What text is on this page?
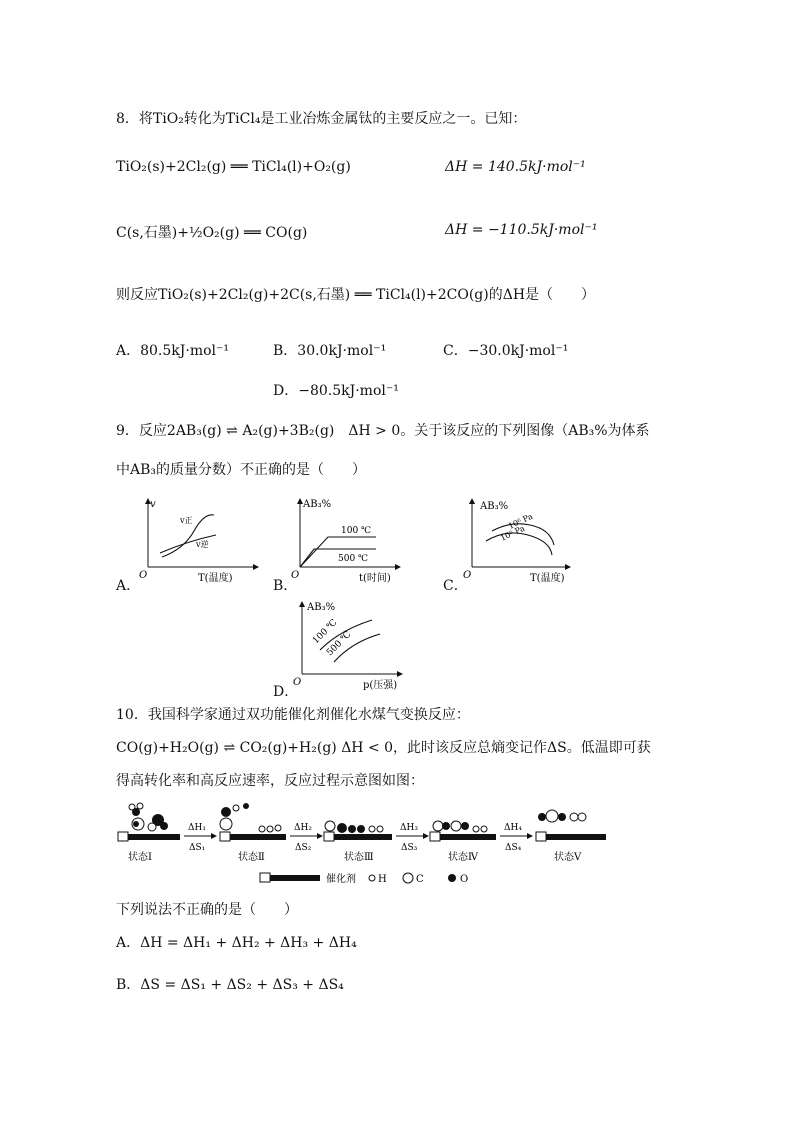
8．将TiO₂转化为TiCl₄是工业冶炼金属钛的主要反应之一。已知：
TiO₂(s)+2Cl₂(g) ══ TiCl₄(l)+O₂(g)	ΔH = 140.5kJ·mol⁻¹
C(s,石墨)+½O₂(g) ══ CO(g)	ΔH = −110.5kJ·mol⁻¹
则反应TiO₂(s)+2Cl₂(g)+2C(s,石墨) ══ TiCl₄(l)+2CO(g)的ΔH是（　　）
A．80.5kJ·mol⁻¹	B．30.0kJ·mol⁻¹	C．−30.0kJ·mol⁻¹
D．−80.5kJ·mol⁻¹
9．反应2AB₃(g) ⇌ A₂(g)+3B₂(g)　ΔH > 0。关于该反应的下列图像（AB₃%为体系
中AB₃的质量分数）不正确的是（　　）
A．	B．	C．
D．
v
O	T(温度)
v正
v逆
AB₃%
O	t(时间)
100 ℃
500 ℃
AB₃%
O	T(温度)
10⁶ Pa
10⁵ Pa
AB₃%
O	p(压强)
100 ℃
500 ℃
10．我国科学家通过双功能催化剂催化水煤气变换反应：
CO(g)+H₂O(g) ⇌ CO₂(g)+H₂(g) ΔH < 0，此时该反应总熵变记作ΔS。低温即可获
得高转化率和高反应速率，反应过程示意图如图：
状态Ⅰ
ΔH₁
ΔS₁
状态Ⅱ
ΔH₂
ΔS₂
状态Ⅲ
ΔH₃
ΔS₃
状态Ⅳ
ΔH₄
ΔS₄
状态Ⅴ
催化剂 H	C	O
下列说法不正确的是（　　）
A．ΔH = ΔH₁ + ΔH₂ + ΔH₃ + ΔH₄
B．ΔS = ΔS₁ + ΔS₂ + ΔS₃ + ΔS₄
